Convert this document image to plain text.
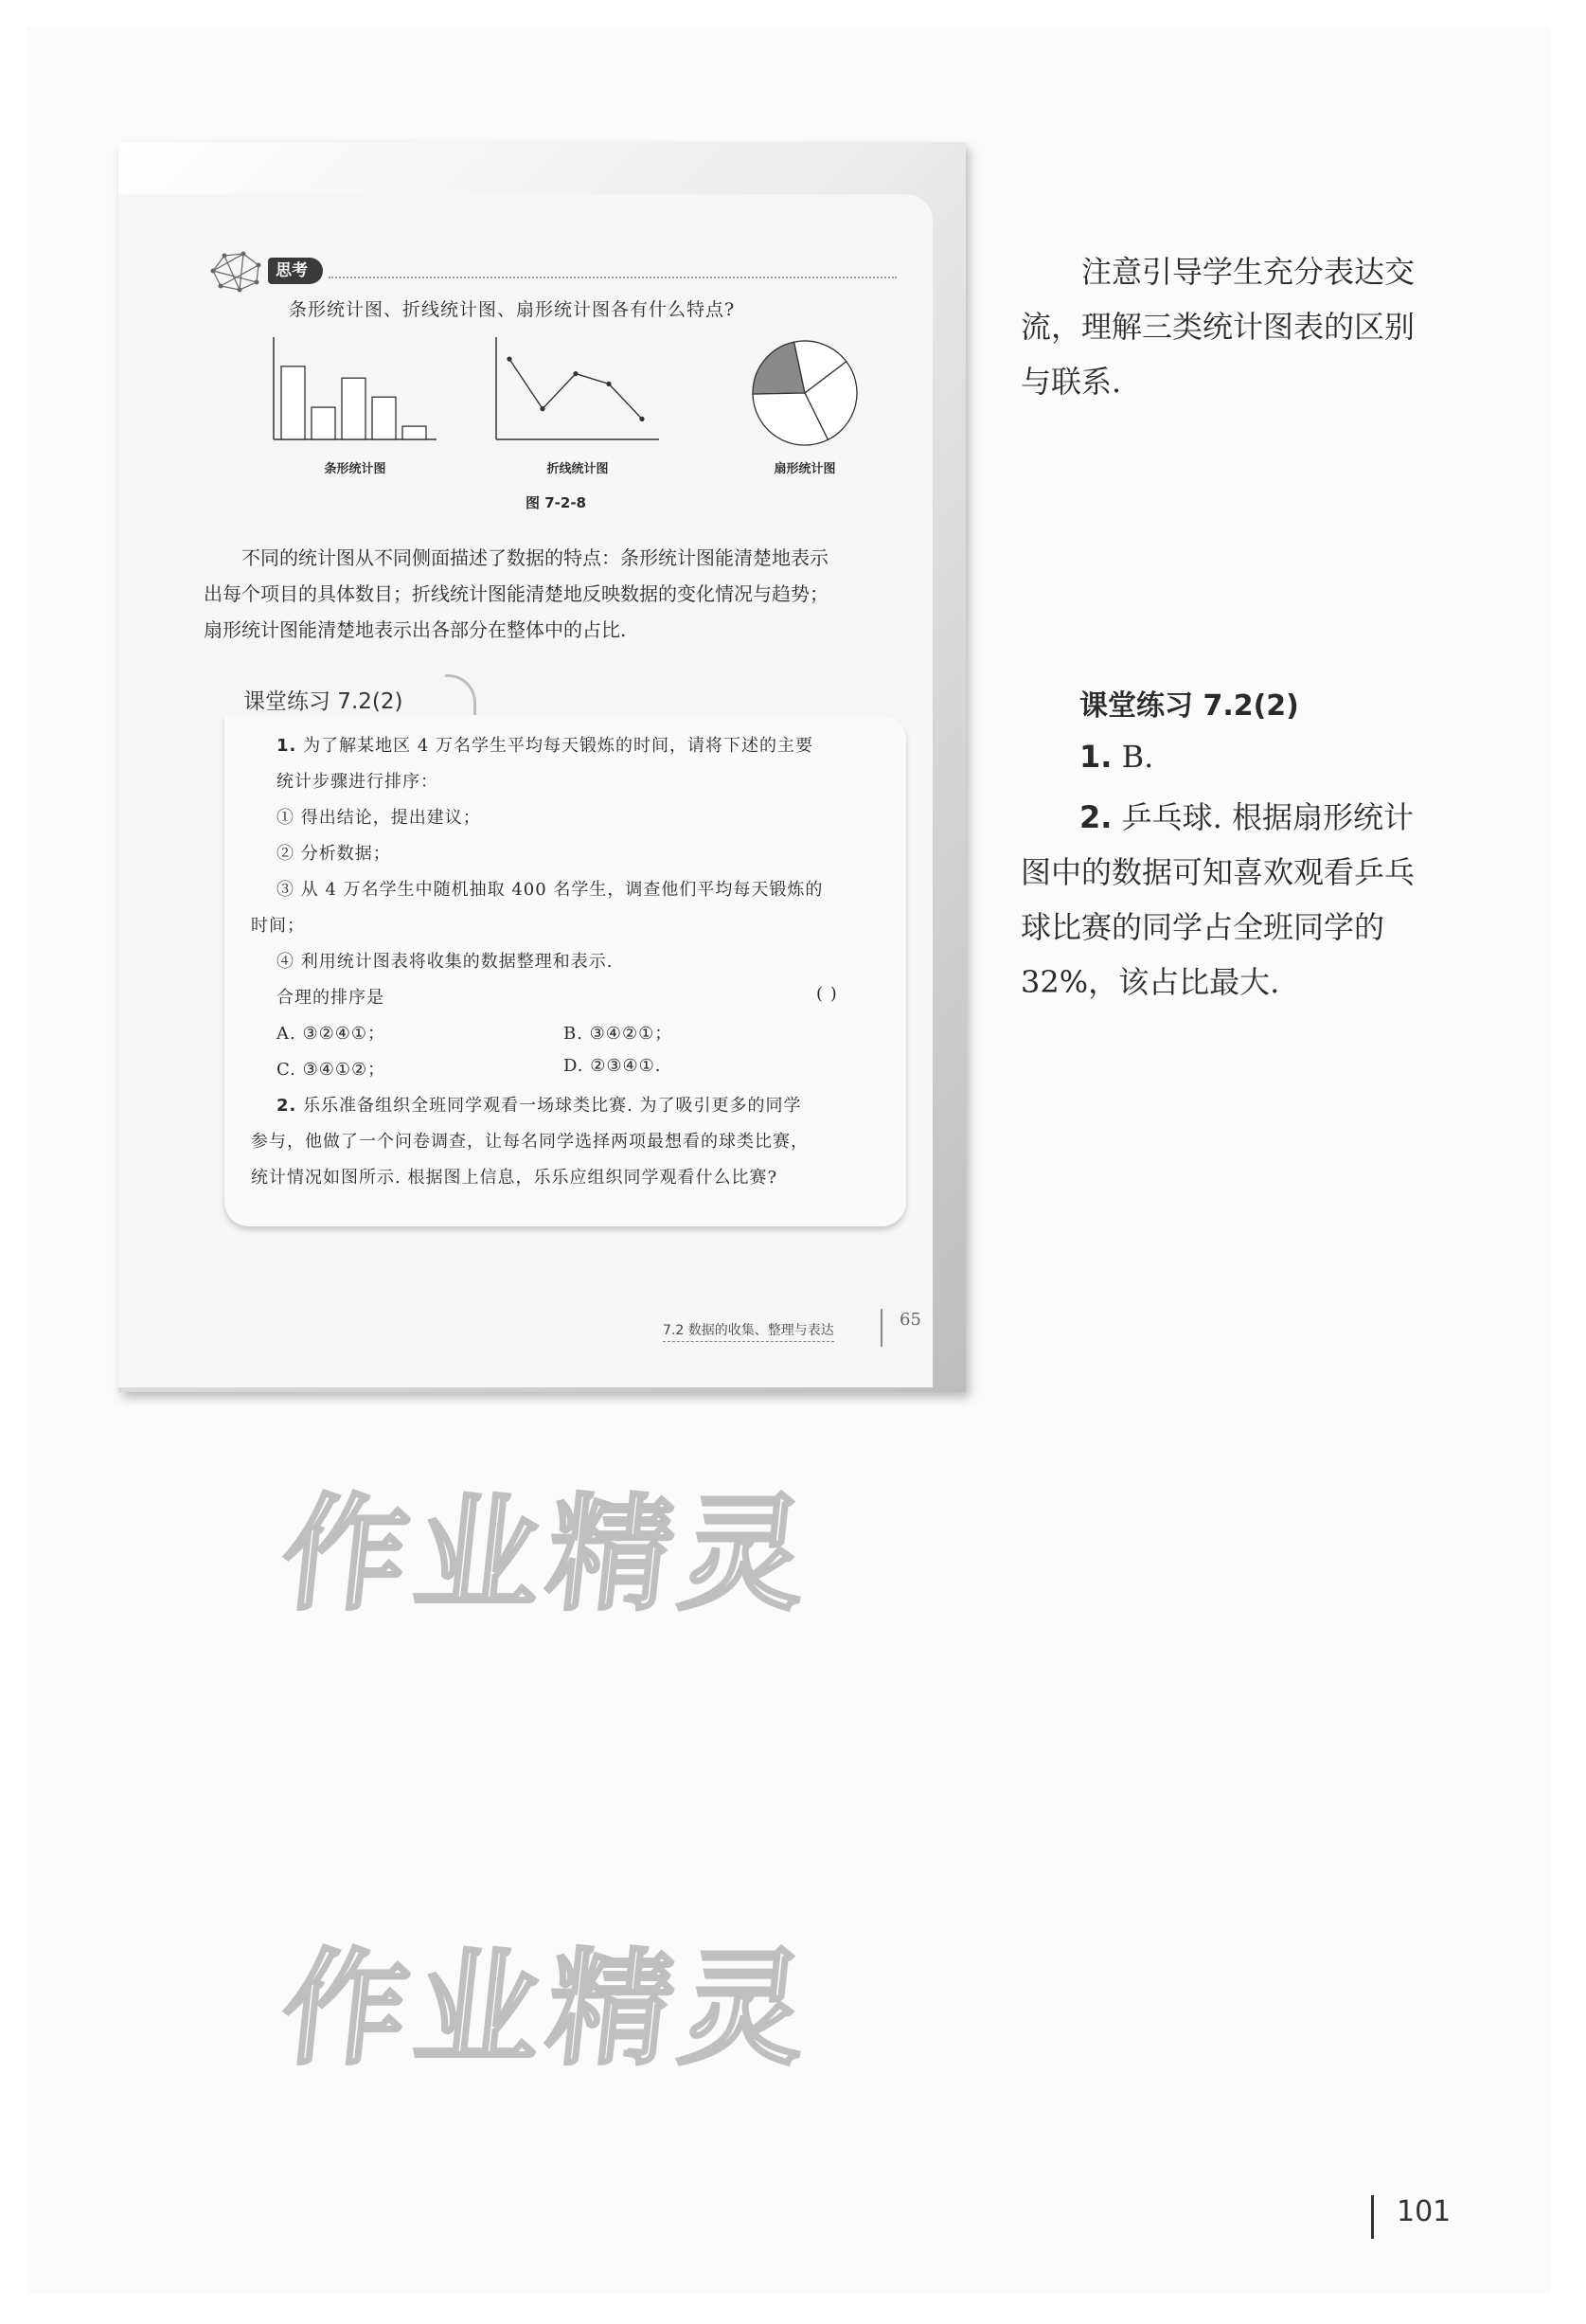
思考
条形统计图、折线统计图、扇形统计图各有什么特点?
条形统计图	折线统计图	扇形统计图
图 7-2-8
不同的统计图从不同侧面描述了数据的特点：条形统计图能清楚地表示
出每个项目的具体数目；折线统计图能清楚地反映数据的变化情况与趋势；
扇形统计图能清楚地表示出各部分在整体中的占比.
课堂练习 7.2(2)
1. 为了解某地区 4 万名学生平均每天锻炼的时间，请将下述的主要
统计步骤进行排序：
① 得出结论，提出建议；
② 分析数据；
③ 从 4 万名学生中随机抽取 400 名学生，调查他们平均每天锻炼的
时间；
④ 利用统计图表将收集的数据整理和表示.
合理的排序是	( )
A. ③②④①；	B. ③④②①；
C. ③④①②；	D. ②③④①.
2. 乐乐准备组织全班同学观看一场球类比赛. 为了吸引更多的同学
参与，他做了一个问卷调查，让每名同学选择两项最想看的球类比赛，
统计情况如图所示. 根据图上信息，乐乐应组织同学观看什么比赛?
7.2 数据的收集、整理与表达
65
注意引导学生充分表达交
流，理解三类统计图表的区别
与联系.
课堂练习 7.2(2)
1. B.
2. 乒乓球. 根据扇形统计
图中的数据可知喜欢观看乒乓
球比赛的同学占全班同学的
32%，该占比最大.
作业精灵
作业精灵
101
